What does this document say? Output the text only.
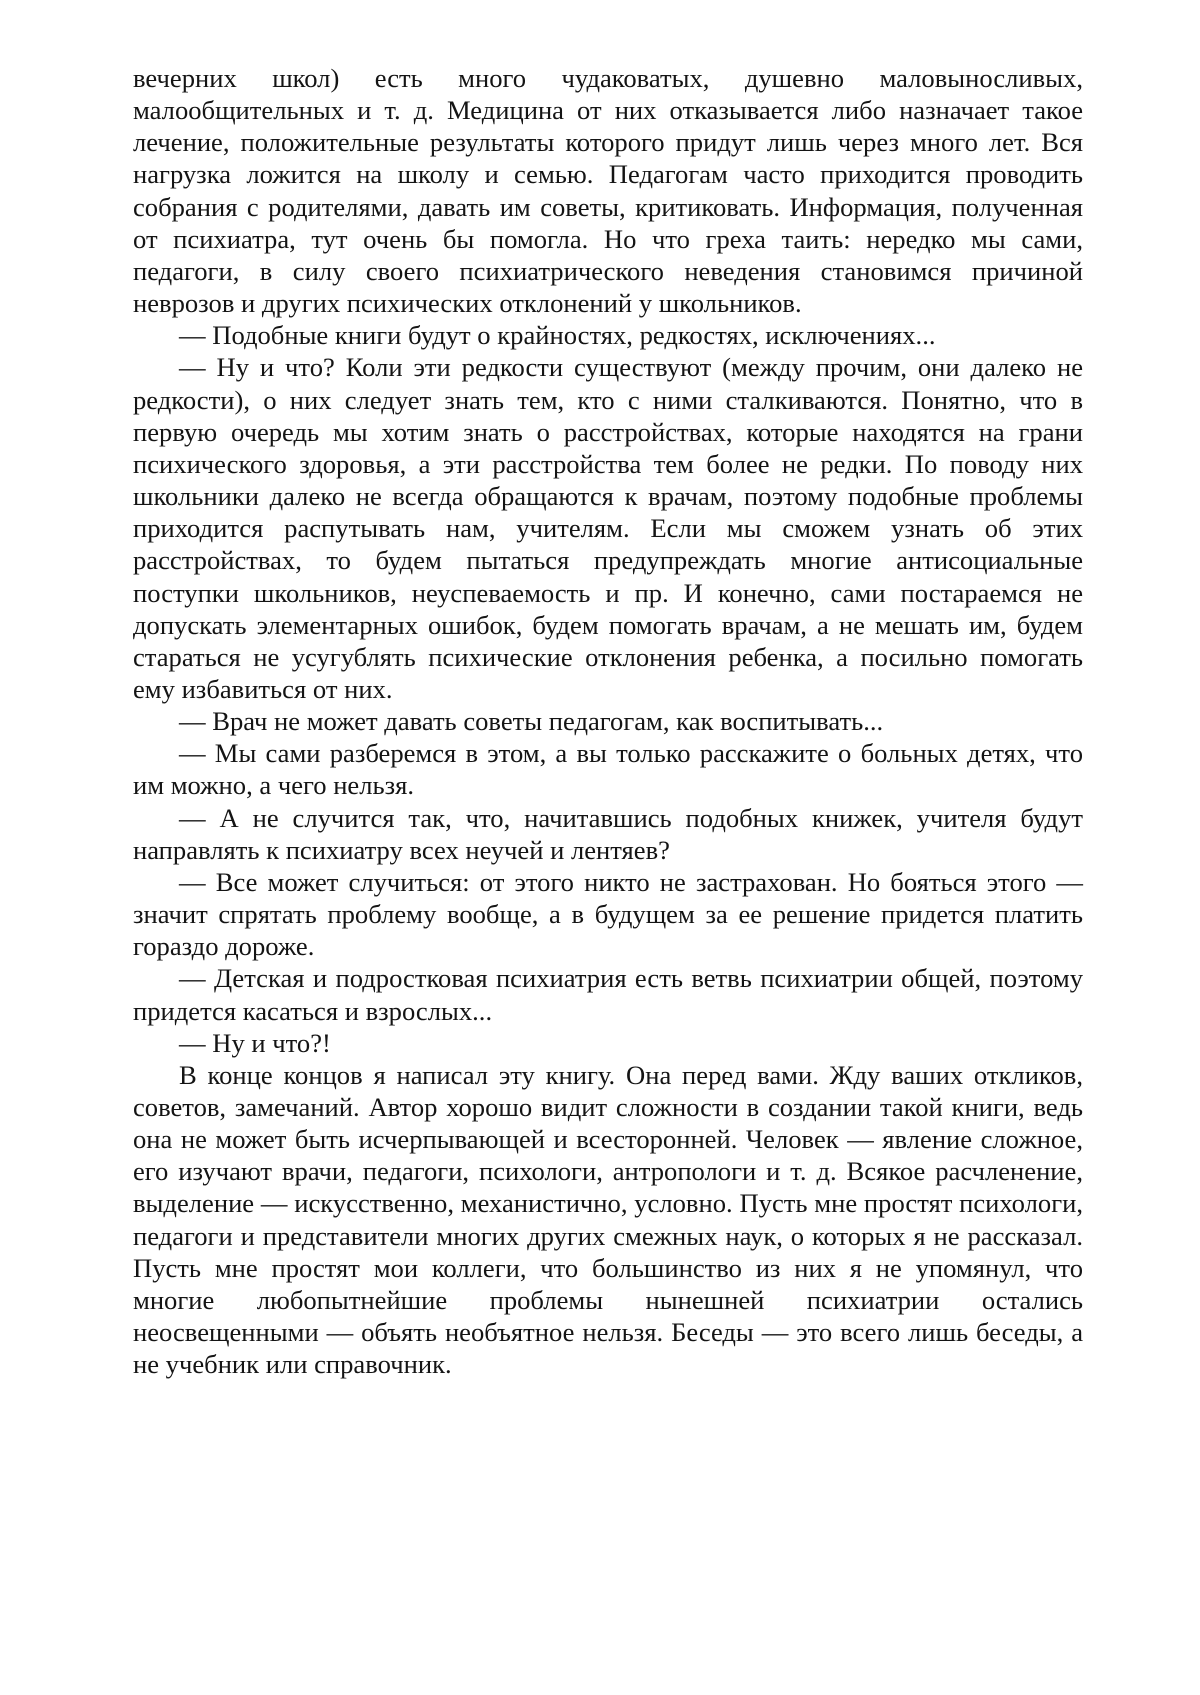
вечерних школ) есть много чудаковатых, душевно маловыносливых, малообщительных и т. д. Медицина от них отказывается либо назначает такое лечение, положительные результаты которого придут лишь через много лет. Вся нагрузка ложится на школу и семью. Педагогам часто приходится проводить собрания с родителями, давать им советы, критиковать. Информация, полученная от психиатра, тут очень бы помогла. Но что греха таить: нередко мы сами, педагоги, в силу своего психиатрического неведения становимся причиной неврозов и других психических отклонений у школьников.

— Подобные книги будут о крайностях, редкостях, исключениях...

— Ну и что? Коли эти редкости существуют (между прочим, они далеко не редкости), о них следует знать тем, кто с ними сталкиваются. Понятно, что в первую очередь мы хотим знать о расстройствах, которые находятся на грани психического здоровья, а эти расстройства тем более не редки. По поводу них школьники далеко не всегда обращаются к врачам, поэтому подобные проблемы приходится распутывать нам, учителям. Если мы сможем узнать об этих расстройствах, то будем пытаться предупреждать многие антисоциальные поступки школьников, неуспеваемость и пр. И конечно, сами постараемся не допускать элементарных ошибок, будем помогать врачам, а не мешать им, будем стараться не усугублять психические отклонения ребенка, а посильно помогать ему избавиться от них.

— Врач не может давать советы педагогам, как воспитывать...

— Мы сами разберемся в этом, а вы только расскажите о больных детях, что им можно, а чего нельзя.

— А не случится так, что, начитавшись подобных книжек, учителя будут направлять к психиатру всех неучей и лентяев?

— Все может случиться: от этого никто не застрахован. Но бояться этого — значит спрятать проблему вообще, а в будущем за ее решение придется платить гораздо дороже.

— Детская и подростковая психиатрия есть ветвь психиатрии общей, поэтому придется касаться и взрослых...

— Ну и что?!

В конце концов я написал эту книгу. Она перед вами. Жду ваших откликов, советов, замечаний. Автор хорошо видит сложности в создании такой книги, ведь она не может быть исчерпывающей и всесторонней. Человек — явление сложное, его изучают врачи, педагоги, психологи, антропологи и т. д. Всякое расчленение, выделение — искусственно, механистично, условно. Пусть мне простят психологи, педагоги и представители многих других смежных наук, о которых я не рассказал. Пусть мне простят мои коллеги, что большинство из них я не упомянул, что многие любопытнейшие проблемы нынешней психиатрии остались неосвещенными — объять необъятное нельзя. Беседы — это всего лишь беседы, а не учебник или справочник.
